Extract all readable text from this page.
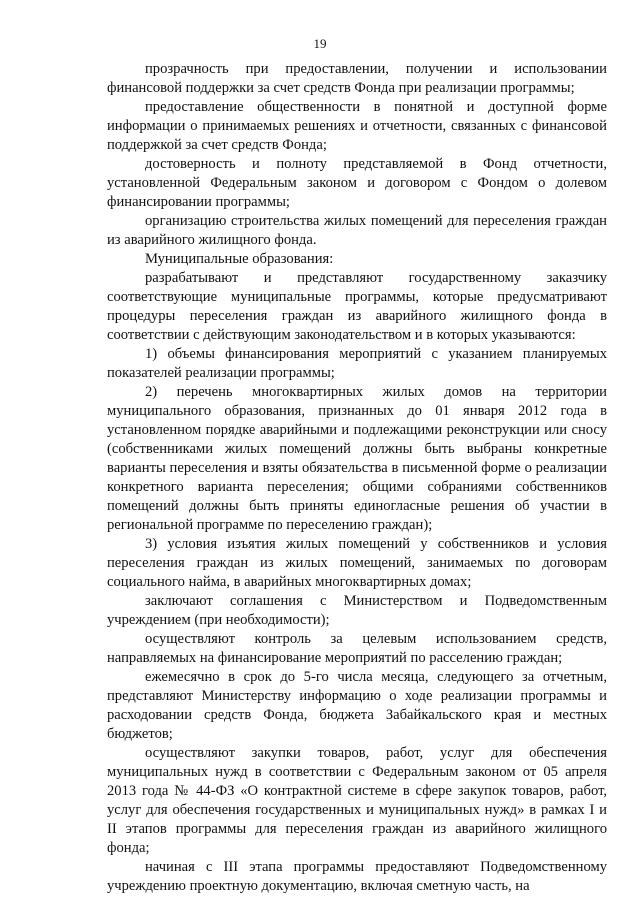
19

прозрачность при предоставлении, получении и использовании финансовой поддержки за счет средств Фонда при реализации программы;

предоставление общественности в понятной и доступной форме информации о принимаемых решениях и отчетности, связанных с финансовой поддержкой за счет средств Фонда;

достоверность и полноту представляемой в Фонд отчетности, установленной Федеральным законом и договором с Фондом о долевом финансировании программы;

организацию строительства жилых помещений для переселения граждан из аварийного жилищного фонда.

Муниципальные образования:

разрабатывают и представляют государственному заказчику соответствующие муниципальные программы, которые предусматривают процедуры переселения граждан из аварийного жилищного фонда в соответствии с действующим законодательством и в которых указываются:

1) объемы финансирования мероприятий с указанием планируемых показателей реализации программы;

2) перечень многоквартирных жилых домов на территории муниципального образования, признанных до 01 января 2012 года в установленном порядке аварийными и подлежащими реконструкции или сносу (собственниками жилых помещений должны быть выбраны конкретные варианты переселения и взяты обязательства в письменной форме о реализации конкретного варианта переселения; общими собраниями собственников помещений должны быть приняты единогласные решения об участии в региональной программе по переселению граждан);

3) условия изъятия жилых помещений у собственников и условия переселения граждан из жилых помещений, занимаемых по договорам социального найма, в аварийных многоквартирных домах;

заключают соглашения с Министерством и Подведомственным учреждением (при необходимости);

осуществляют контроль за целевым использованием средств, направляемых на финансирование мероприятий по расселению граждан;

ежемесячно в срок до 5-го числа месяца, следующего за отчетным, представляют Министерству информацию о ходе реализации программы и расходовании средств Фонда, бюджета Забайкальского края и местных бюджетов;

осуществляют закупки товаров, работ, услуг для обеспечения муниципальных нужд в соответствии с Федеральным законом от 05 апреля 2013 года № 44-ФЗ «О контрактной системе в сфере закупок товаров, работ, услуг для обеспечения государственных и муниципальных нужд» в рамках I и II этапов программы для переселения граждан из аварийного жилищного фонда;

начиная с III этапа программы предоставляют Подведомственному учреждению проектную документацию, включая сметную часть, на
